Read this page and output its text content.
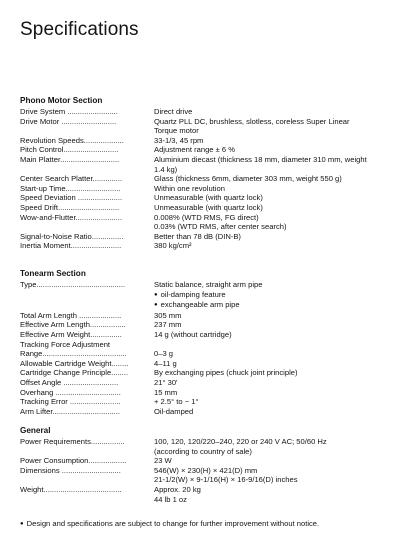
Specifications
Phono Motor Section
Drive System ........................	Direct drive
Drive Motor ..........................	Quartz PLL DC, brushless, slotless, coreless Super Linear
Torque motor
Revolution Speeds...................	33-1/3, 45 rpm
Pitch Control..........................	Adjustment range ± 6 %
Main Platter............................	Aluminium diecast (thickness 18 mm, diameter 310 mm, weight
1.4 kg)
Center Search Platter..............	Glass (thickness 6mm, diameter 303 mm, weight 550 g)
Start-up Time..........................	Within one revolution
Speed Deviation .....................	Unmeasurable (with quartz lock)
Speed Drift.............................	Unmeasurable (with quartz lock)
Wow-and-Flutter......................	0.008% (WTD RMS, FG direct)
0.03% (WTD RMS, after center search)
Signal-to-Noise Ratio...............	Better than 78 dB (DIN-B)
Inertia Moment........................	380 kg/cm²
Tonearm Section
Type..........................................	Static balance, straight arm pipe
● oil-damping feature
● exchangeable arm pipe
Total Arm Length ....................	305 mm
Effective Arm Length.................	237 mm
Effective Arm Weight...............	14 g (without cartridge)
Tracking Force Adjustment
Range........................................	0–3 g
Allowable Cartridge Weight........	4–11 g
Cartridge Change Principle........	By exchanging pipes (chuck joint principle)
Offset Angle ..........................	21° 30'
Overhang ...............................	15 mm
Tracking Error ........................	+ 2.5° to − 1°
Arm Lifter................................	Oil-damped
General
Power Requirements................	100, 120, 120/220–240, 220 or 240 V AC; 50/60 Hz
(according to country of sale)
Power Consumption..................	23 W
Dimensions ............................	546(W) × 230(H) × 421(D) mm
21-1/2(W) × 9-1/16(H) × 16-9/16(D) inches
Weight.....................................	Approx. 20 kg
44 lb 1 oz
● Design and specifications are subject to change for further improvement without notice.
